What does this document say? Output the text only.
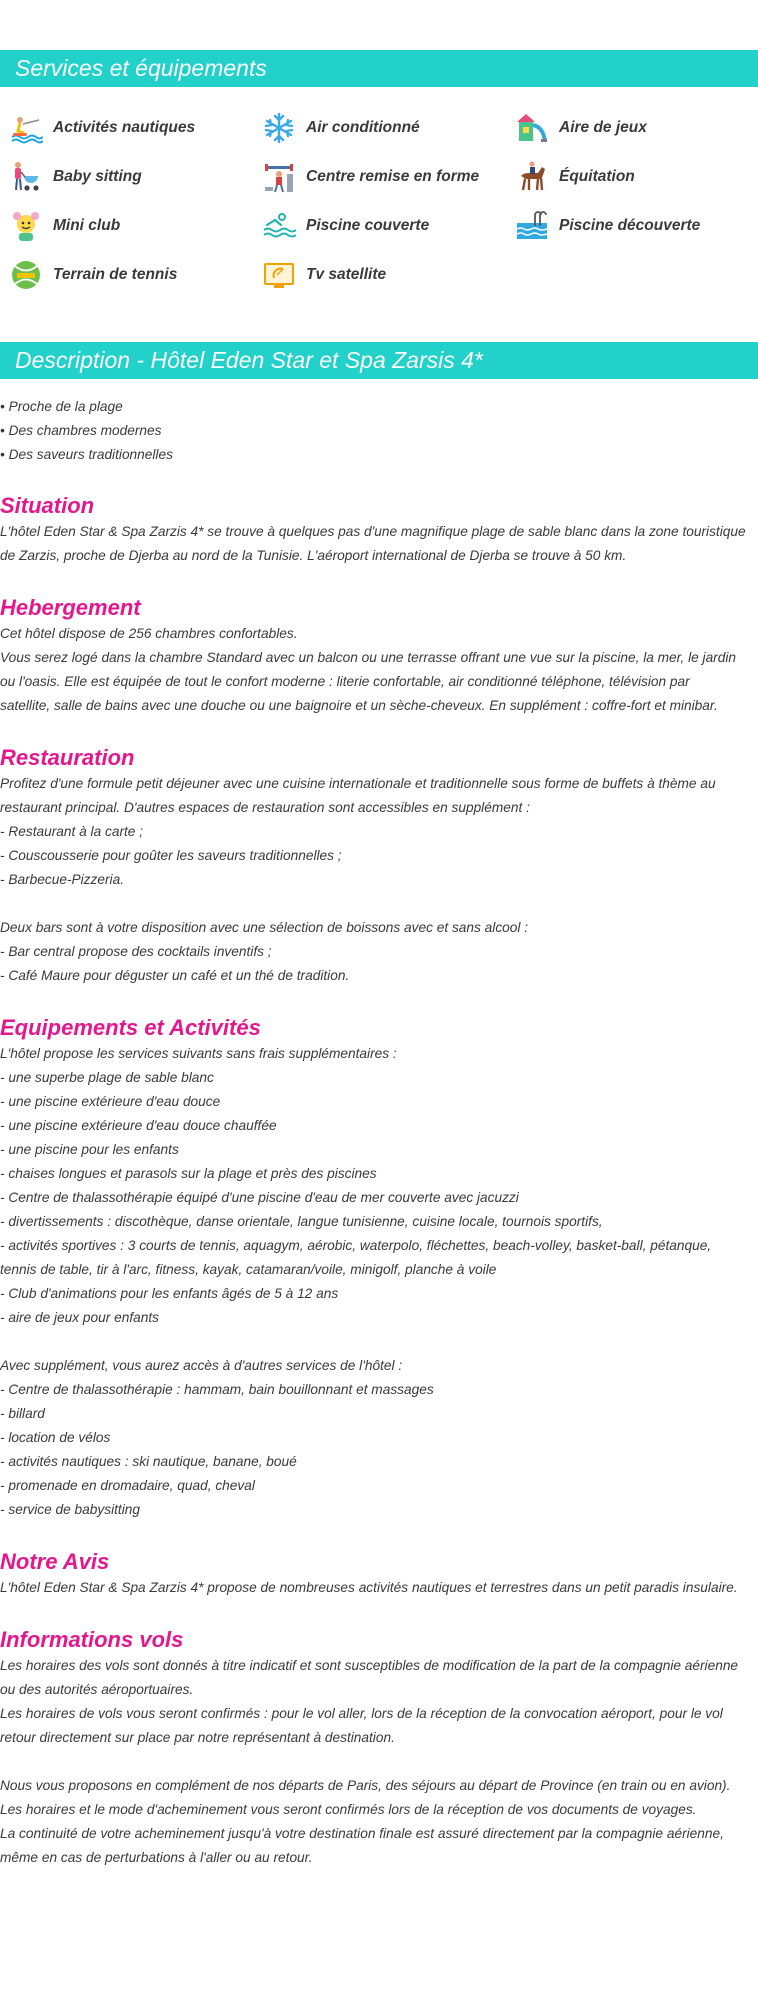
Services et équipements
Activités nautiques	Air conditionné	Aire de jeux
Baby sitting	Centre remise en forme	Équitation
Mini club	Piscine couverte	Piscine découverte
Terrain de tennis	Tv satellite
Description - Hôtel Eden Star et Spa Zarsis 4*
• Proche de la plage
• Des chambres modernes
• Des saveurs traditionnelles
Situation
L'hôtel Eden Star & Spa Zarzis 4* se trouve à quelques pas d'une magnifique plage de sable blanc dans la zone touristique
de Zarzis, proche de Djerba au nord de la Tunisie. L'aéroport international de Djerba se trouve à 50 km.
Hebergement
Cet hôtel dispose de 256 chambres confortables.
Vous serez logé dans la chambre Standard avec un balcon ou une terrasse offrant une vue sur la piscine, la mer, le jardin
ou l'oasis. Elle est équipée de tout le confort moderne : literie confortable, air conditionné téléphone, télévision par
satellite, salle de bains avec une douche ou une baignoire et un sèche-cheveux. En supplément : coffre-fort et minibar.
Restauration
Profitez d'une formule petit déjeuner avec une cuisine internationale et traditionnelle sous forme de buffets à thème au
restaurant principal. D'autres espaces de restauration sont accessibles en supplément :
- Restaurant à la carte ;
- Couscousserie pour goûter les saveurs traditionnelles ;
- Barbecue-Pizzeria.
Deux bars sont à votre disposition avec une sélection de boissons avec et sans alcool :
- Bar central propose des cocktails inventifs ;
- Café Maure pour déguster un café et un thé de tradition.
Equipements et Activités
L'hôtel propose les services suivants sans frais supplémentaires :
- une superbe plage de sable blanc
- une piscine extérieure d'eau douce
- une piscine extérieure d'eau douce chauffée
- une piscine pour les enfants
- chaises longues et parasols sur la plage et près des piscines
- Centre de thalassothérapie équipé d'une piscine d'eau de mer couverte avec jacuzzi
- divertissements : discothèque, danse orientale, langue tunisienne, cuisine locale, tournois sportifs,
- activités sportives : 3 courts de tennis, aquagym, aérobic, waterpolo, fléchettes, beach-volley, basket-ball, pétanque,
tennis de table, tir à l'arc, fitness, kayak, catamaran/voile, minigolf, planche à voile
- Club d'animations pour les enfants âgés de 5 à 12 ans
- aire de jeux pour enfants
Avec supplément, vous aurez accès à d'autres services de l'hôtel :
- Centre de thalassothérapie : hammam, bain bouillonnant et massages
- billard
- location de vélos
- activités nautiques : ski nautique, banane, boué
- promenade en dromadaire, quad, cheval
- service de babysitting
Notre Avis
L'hôtel Eden Star & Spa Zarzis 4* propose de nombreuses activités nautiques et terrestres dans un petit paradis insulaire.
Informations vols
Les horaires des vols sont donnés à titre indicatif et sont susceptibles de modification de la part de la compagnie aérienne
ou des autorités aéroportuaires.
Les horaires de vols vous seront confirmés : pour le vol aller, lors de la réception de la convocation aéroport, pour le vol
retour directement sur place par notre représentant à destination.
Nous vous proposons en complément de nos départs de Paris, des séjours au départ de Province (en train ou en avion).
Les horaires et le mode d'acheminement vous seront confirmés lors de la réception de vos documents de voyages.
La continuité de votre acheminement jusqu'à votre destination finale est assuré directement par la compagnie aérienne,
même en cas de perturbations à l'aller ou au retour.
